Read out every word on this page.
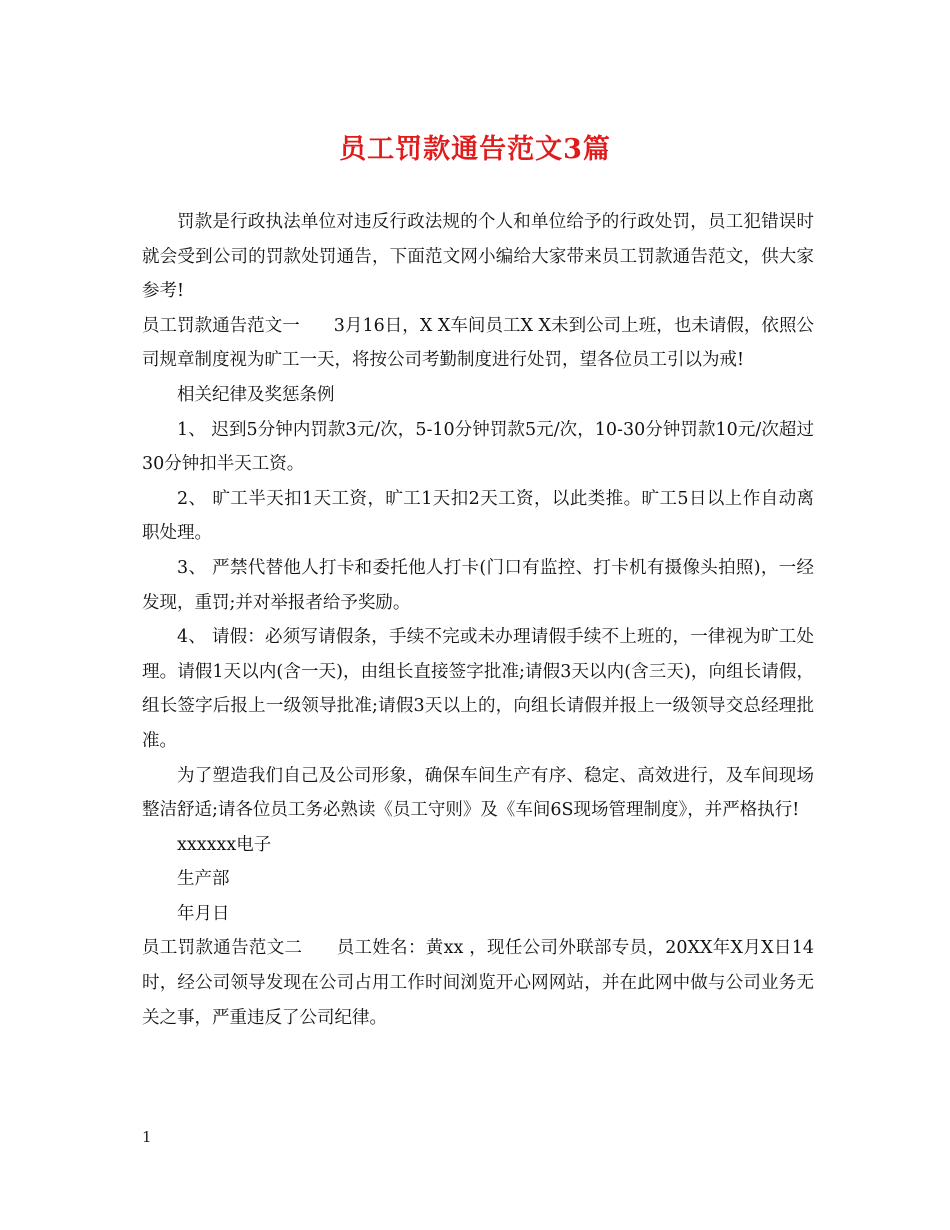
员工罚款通告范文3篇

罚款是行政执法单位对违反行政法规的个人和单位给予的行政处罚，员工犯错误时就会受到公司的罚款处罚通告，下面范文网小编给大家带来员工罚款通告范文，供大家参考!

员工罚款通告范文一 3月16日，X X车间员工X X未到公司上班，也未请假，依照公司规章制度视为旷工一天，将按公司考勤制度进行处罚，望各位员工引以为戒!

相关纪律及奖惩条例

1、 迟到5分钟内罚款3元/次，5-10分钟罚款5元/次，10-30分钟罚款10元/次超过30分钟扣半天工资。

2、 旷工半天扣1天工资，旷工1天扣2天工资，以此类推。旷工5日以上作自动离职处理。

3、 严禁代替他人打卡和委托他人打卡(门口有监控、打卡机有摄像头拍照)，一经发现，重罚;并对举报者给予奖励。

4、 请假：必须写请假条，手续不完或未办理请假手续不上班的，一律视为旷工处理。请假1天以内(含一天)，由组长直接签字批准;请假3天以内(含三天)，向组长请假，组长签字后报上一级领导批准;请假3天以上的，向组长请假并报上一级领导交总经理批准。

为了塑造我们自己及公司形象，确保车间生产有序、稳定、高效进行，及车间现场整洁舒适;请各位员工务必熟读《员工守则》及《车间6S现场管理制度》，并严格执行!

xxxxxx电子

生产部

年月日

员工罚款通告范文二 员工姓名：黄xx ，现任公司外联部专员，20XX年X月X日14时，经公司领导发现在公司占用工作时间浏览开心网网站，并在此网中做与公司业务无关之事，严重违反了公司纪律。

1
